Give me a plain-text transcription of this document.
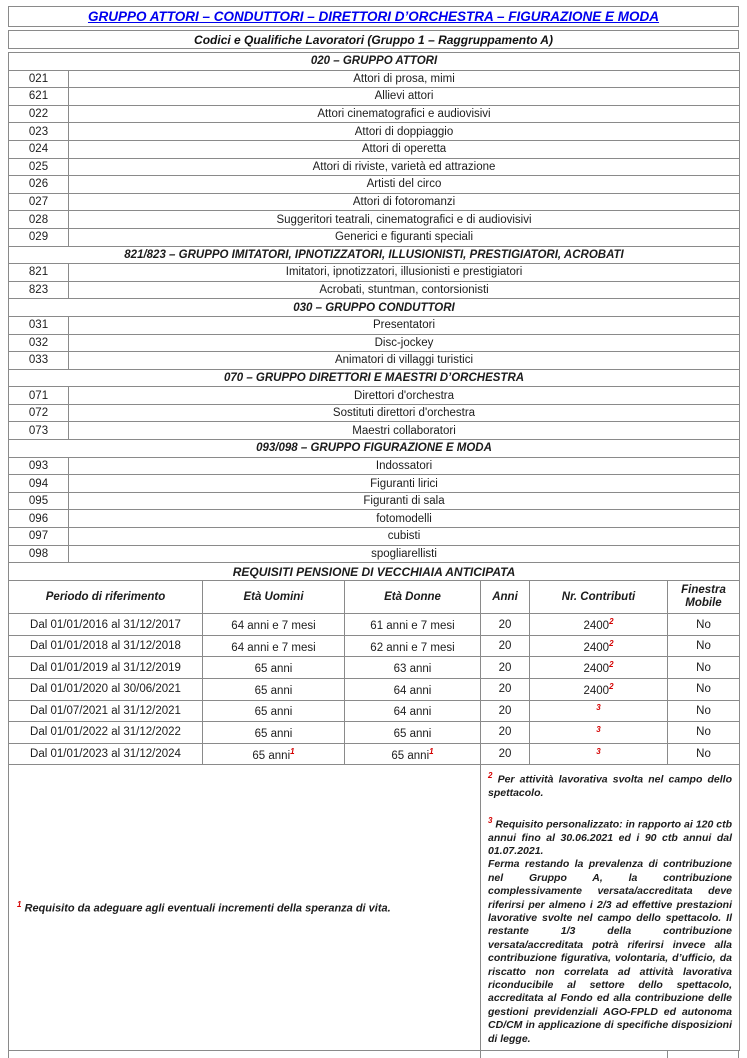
GRUPPO ATTORI – CONDUTTORI – DIRETTORI D’ORCHESTRA – FIGURAZIONE E MODA
Codici e Qualifiche Lavoratori (Gruppo 1 – Raggruppamento A)
020 – GRUPPO ATTORI	
021	Attori di prosa, mimi
621	Allievi attori
022	Attori cinematografici e audiovisivi
023	Attori di doppiaggio
024	Attori di operetta
025	Attori di riviste, varietà ed attrazione
026	Artisti del circo
027	Attori di fotoromanzi
028	Suggeritori teatrali, cinematografici e di audiovisivi
029	Generici e figuranti speciali
821/823 – GRUPPO IMITATORI, IPNOTIZZATORI, ILLUSIONISTI, PRESTIGIATORI, ACROBATI	
821	Imitatori, ipnotizzatori, illusionisti e prestigiatori
823	Acrobati, stuntman, contorsionisti
030 – GRUPPO CONDUTTORI	
031	Presentatori
032	Disc-jockey
033	Animatori di villaggi turistici
070 – GRUPPO DIRETTORI E MAESTRI D’ORCHESTRA	
071	Direttori d'orchestra
072	Sostituti direttori d'orchestra
073	Maestri collaboratori
093/098 – GRUPPO FIGURAZIONE E MODA	
093	Indossatori
094	Figuranti lirici
095	Figuranti di sala
096	fotomodelli
097	cubisti
098	spogliarellisti
REQUISITI PENSIONE DI VECCHIAIA ANTICIPATA	
Periodo di riferimento	Età Uomini	Età Donne	Anni	Nr. Contributi	Finestra Mobile
Dal 01/01/2016 al 31/12/2017	64 anni e 7 mesi	61 anni e 7 mesi	20	2400$^2$	No
Dal 01/01/2018 al 31/12/2018	64 anni e 7 mesi	62 anni e 7 mesi	20	2400$^2$	No
Dal 01/01/2019 al 31/12/2019	65 anni	63 anni	20	2400$^2$	No
Dal 01/01/2020 al 30/06/2021	65 anni	64 anni	20	2400$^2$	No
Dal 01/07/2021 al 31/12/2021	65 anni	64 anni	20	$^3$	No
Dal 01/01/2022 al 31/12/2022	65 anni	65 anni	20	$^3$	No
Dal 01/01/2023 al 31/12/2024	65 anni$^1$	65 anni$^1$	20	$^3$	No
$^1$ Requisito da adeguare agli eventuali incrementi della speranza di vita.			$^2$ Per attività lavorativa svolta nel campo dello spettacolo.

$^3$ Requisito personalizzato: in rapporto ai 120 ctb annui fino al 30.06.2021 ed i 90 ctb annui dal 01.07.2021.

Ferma restando la prevalenza di contribuzione nel Gruppo A, la contribuzione complessivamente versata/accreditata deve riferirsi per almeno i 2/3 ad effettive prestazioni lavorative svolte nel campo dello spettacolo. Il restante 1/3 della contribuzione versata/accreditata potrà riferirsi invece alla contribuzione figurativa, volontaria, d’ufficio, da riscatto non correlata ad attività lavorativa riconducibile al settore dello spettacolo, accreditata al Fondo ed alla contribuzione delle gestioni previdenziali AGO-FPLD ed autonoma CD/CM in applicazione di specifiche disposizioni di legge.		
